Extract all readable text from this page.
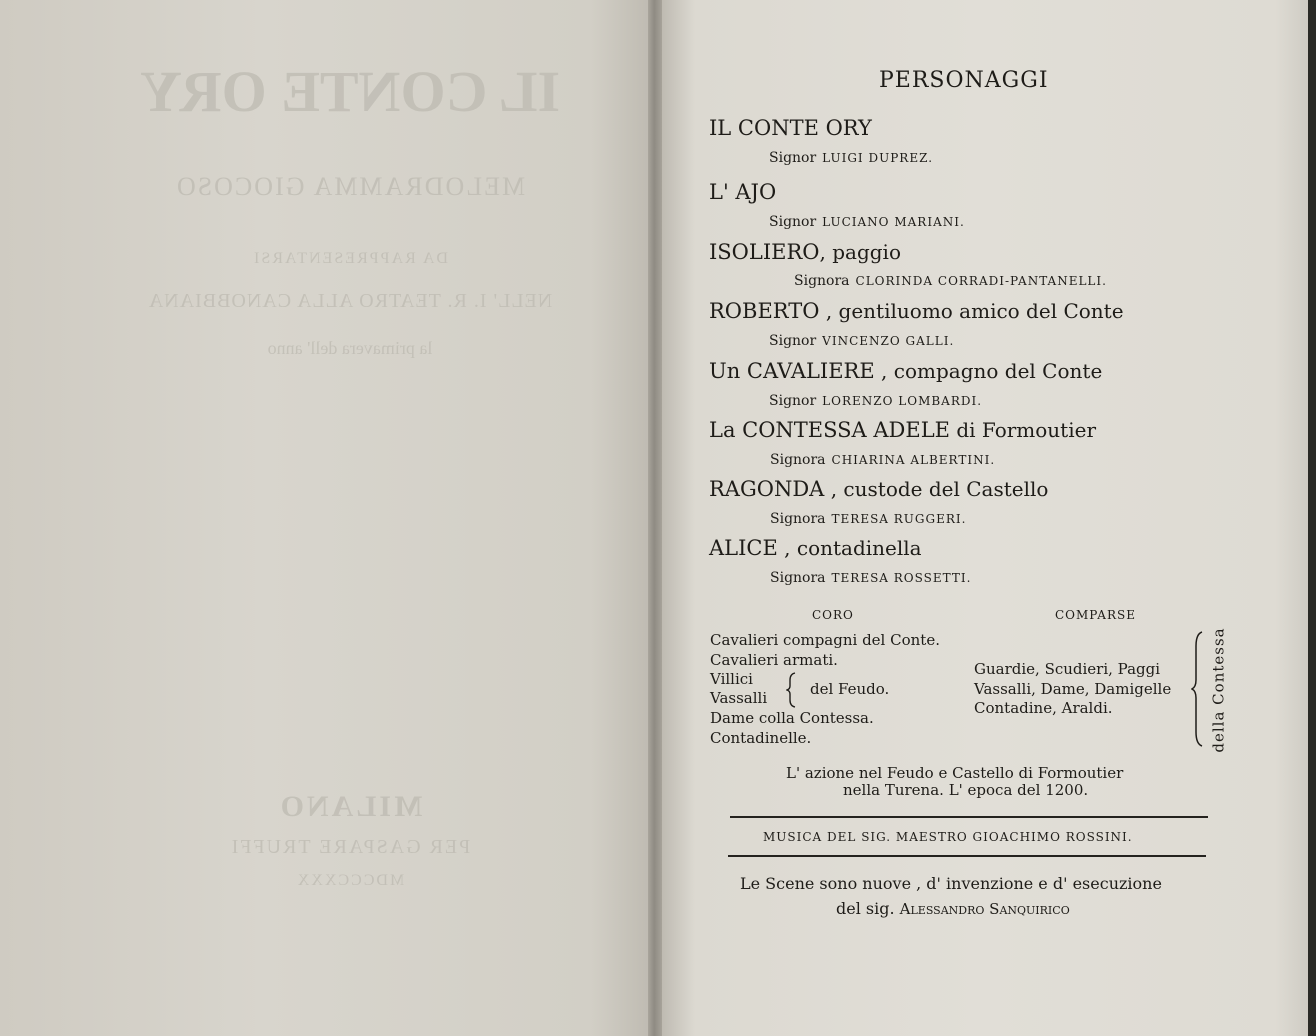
IL CONTE ORY
MELODRAMMA GIOCOSO
DA RAPPRESENTARSI
NELL' I. R. TEATRO ALLA CANOBBIANA
la primavera dell' anno
MILANO
PER GASPARE TRUFFI
MDCCCXXX
PERSONAGGI
IL CONTE ORY
Signor LUIGI DUPREZ.
L' AJO
Signor LUCIANO MARIANI.
ISOLIERO, paggio
Signora CLORINDA CORRADI-PANTANELLI.
ROBERTO , gentiluomo amico del Conte
Signor VINCENZO GALLI.
Un CAVALIERE , compagno del Conte
Signor LORENZO LOMBARDI.
La CONTESSA ADELE di Formoutier
Signora CHIARINA ALBERTINI.
RAGONDA , custode del Castello
Signora TERESA RUGGERI.
ALICE , contadinella
Signora TERESA ROSSETTI.
CORO
Cavalieri compagni del Conte.
Cavalieri armati.
Villici
Vassalli	del Feudo.
Dame colla Contessa.
Contadinelle.
COMPARSE
Guardie, Scudieri, Paggi
Vassalli, Dame, Damigelle
Contadine, Araldi.	della Contessa
L' azione nel Feudo e Castello di Formoutier
nella Turena. L' epoca del 1200.
MUSICA DEL SIG. MAESTRO GIOACHIMO ROSSINI.
Le Scene sono nuove , d' invenzione e d' esecuzione
del sig. Alessandro Sanquirico
